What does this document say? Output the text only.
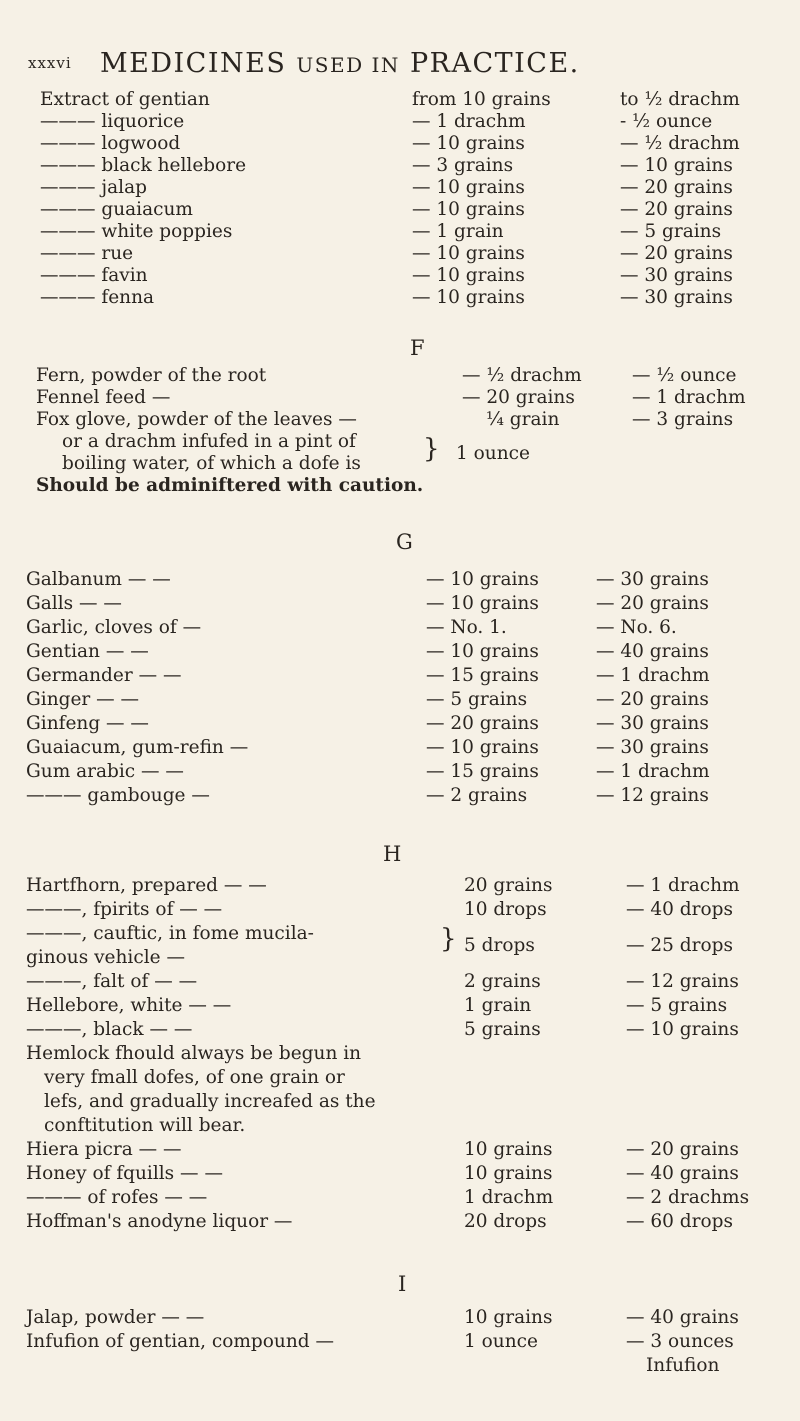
xxxvi MEDICINES USED IN PRACTICE.
Extract of gentian	from 10 grains	to ½ drachm
——— liquorice	— 1 drachm	- ½ ounce
——— logwood	— 10 grains	— ½ drachm
——— black hellebore	— 3 grains	— 10 grains
——— jalap	— 10 grains	— 20 grains
——— guaiacum	— 10 grains	— 20 grains
——— white poppies	— 1 grain	— 5 grains
——— rue	— 10 grains	— 20 grains
——— favin	— 10 grains	— 30 grains
——— fenna	— 10 grains	— 30 grains
F
Fern, powder of the root	— ½ drachm	— ½ ounce
Fennel feed —	— 20 grains	— 1 drachm
Fox glove, powder of the leaves —	¼ grain	— 3 grains
or a drachm infufed in a pint of
boiling water, of which a dofe is } 1 ounce
Should be adminiftered with caution.
G
Galbanum — —	— 10 grains	— 30 grains
Galls — —	— 10 grains	— 20 grains
Garlic, cloves of —	— No. 1.	— No. 6.
Gentian — —	— 10 grains	— 40 grains
Germander — —	— 15 grains	— 1 drachm
Ginger — —	— 5 grains	— 20 grains
Ginfeng — —	— 20 grains	— 30 grains
Guaiacum, gum-refin —	— 10 grains	— 30 grains
Gum arabic — —	— 15 grains	— 1 drachm
——— gambouge —	— 2 grains	— 12 grains
H
Hartfhorn, prepared — —	20 grains	— 1 drachm
———, fpirits of — —	10 drops	— 40 drops
———, cauftic, in fome mucila-
ginous vehicle —
} 5 drops	— 25 drops
———, falt of — —	2 grains	— 12 grains
Hellebore, white — —	1 grain	— 5 grains
———, black — —	5 grains	— 10 grains
Hemlock fhould always be begun in
very fmall dofes, of one grain or
lefs, and gradually increafed as the
conftitution will bear.
Hiera picra — —	10 grains	— 20 grains
Honey of fquills — —	10 grains	— 40 grains
——— of rofes — —	1 drachm	— 2 drachms
Hoffman's anodyne liquor —	20 drops	— 60 drops
I
Jalap, powder — —	10 grains	— 40 grains
Infufion of gentian, compound —	1 ounce	— 3 ounces
Infufion
